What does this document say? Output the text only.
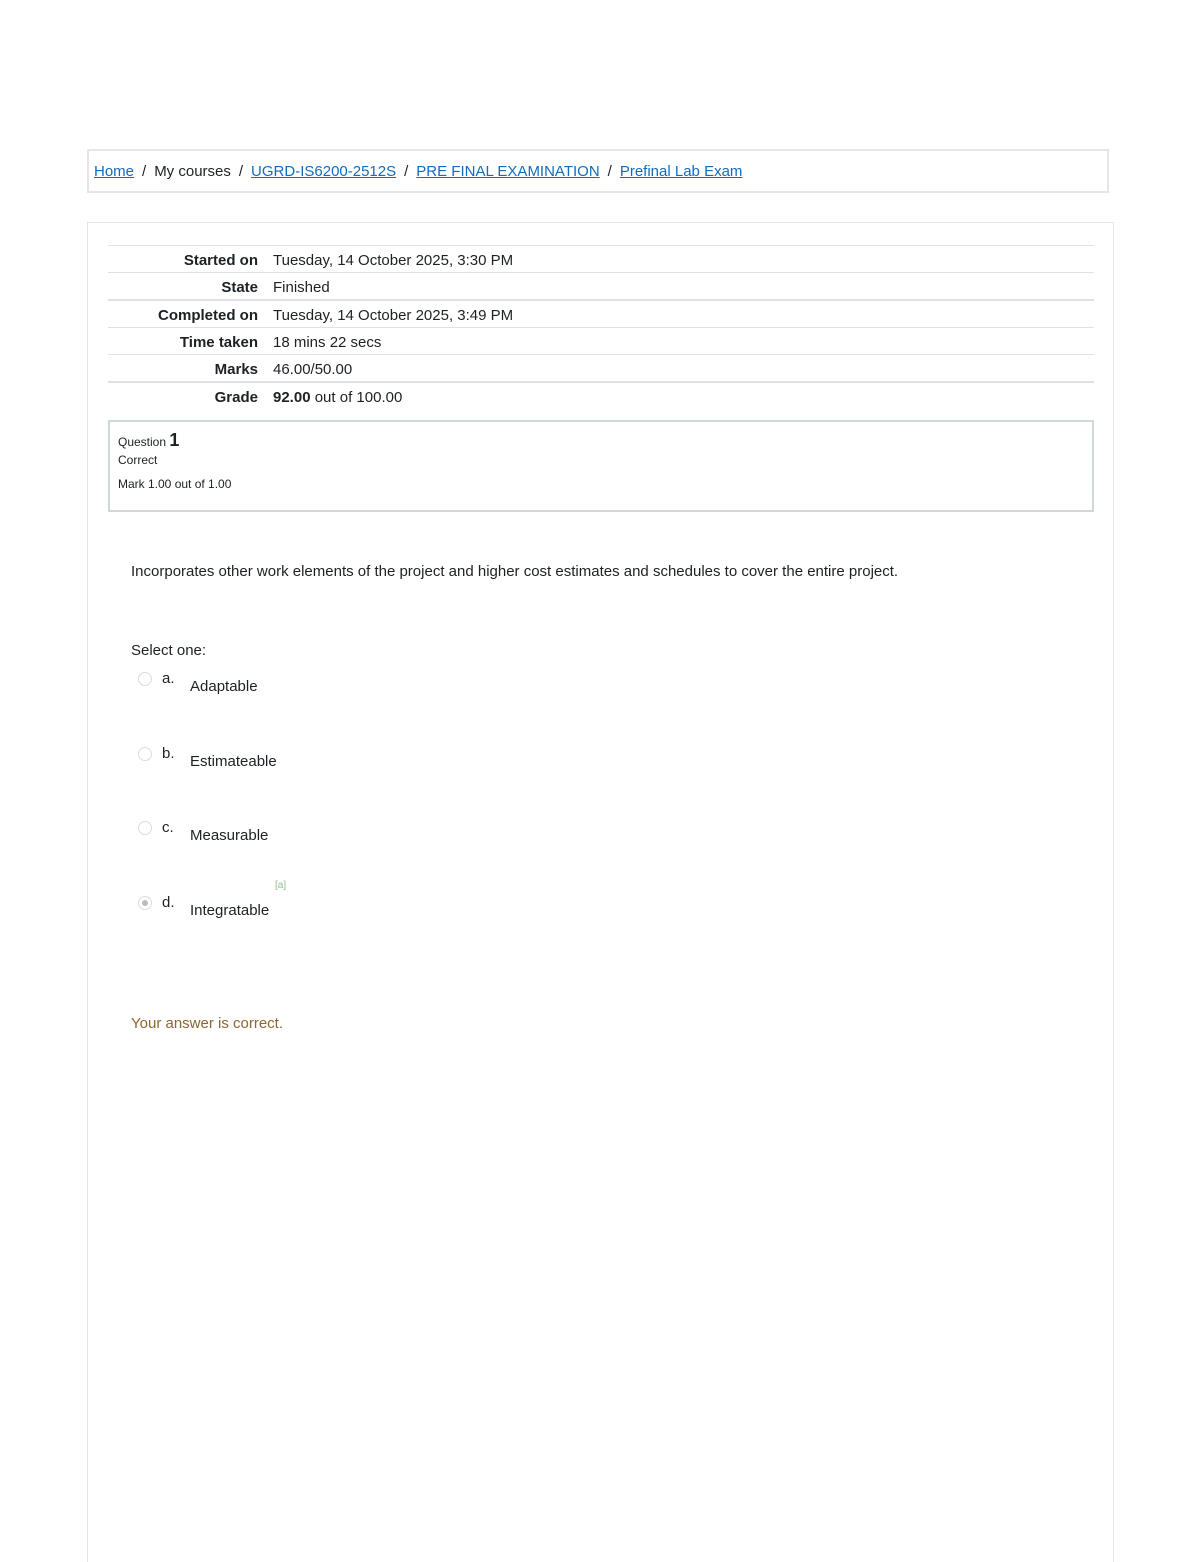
Home / My courses / UGRD-IS6200-2512S / PRE FINAL EXAMINATION / Prefinal Lab Exam
Started on	Tuesday, 14 October 2025, 3:30 PM
State	Finished
Completed on	Tuesday, 14 October 2025, 3:49 PM
Time taken	18 mins 22 secs
Marks	46.00/50.00
Grade	92.00 out of 100.00
Question 1
Correct
Mark 1.00 out of 1.00
Incorporates other work elements of the project and higher cost estimates and schedules to cover the entire project.
Select one:
a. Adaptable
b. Estimateable
c. Measurable
d. Integratable
[a]
Your answer is correct.
